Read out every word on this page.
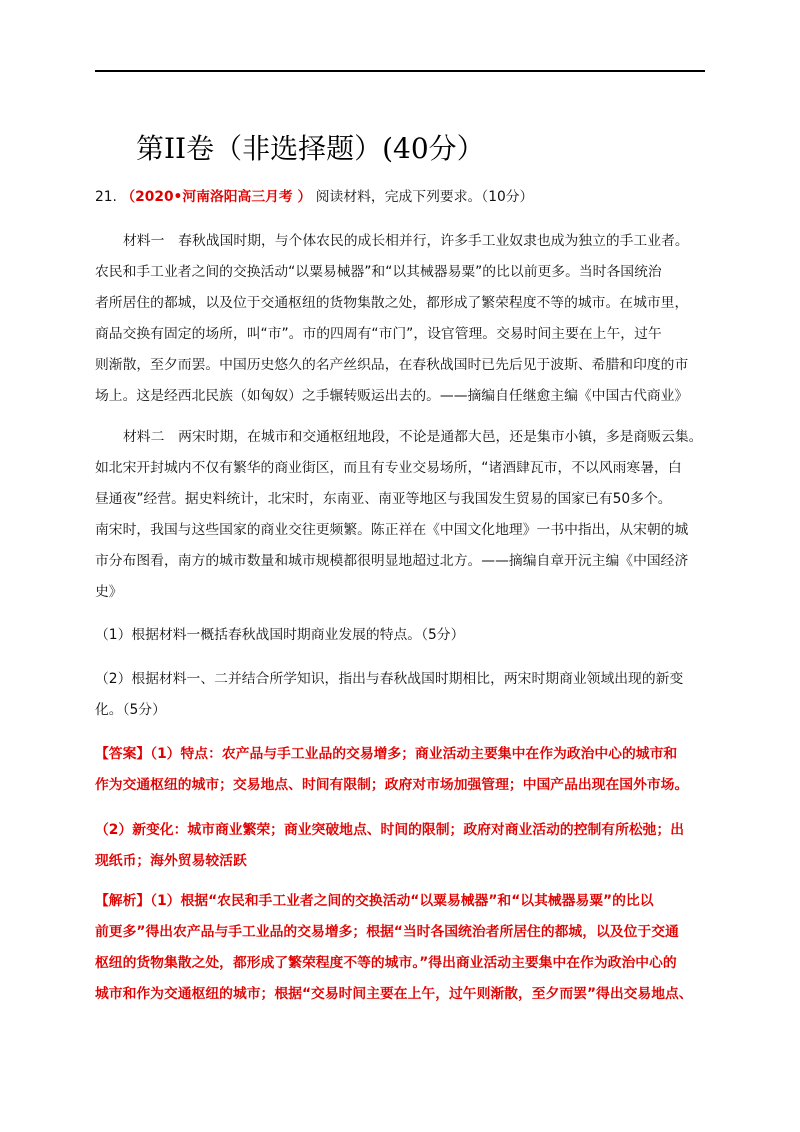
第II卷（非选择题）(40分）
21. （2020•河南洛阳高三月考 ） 阅读材料，完成下列要求。（10分）
材料一　春秋战国时期，与个体农民的成长相并行，许多手工业奴隶也成为独立的手工业者。
农民和手工业者之间的交换活动“以粟易械器”和“以其械器易粟”的比以前更多。当时各国统治
者所居住的都城，以及位于交通枢纽的货物集散之处，都形成了繁荣程度不等的城市。在城市里，
商品交换有固定的场所，叫“市”。市的四周有“市门”，设官管理。交易时间主要在上午，过午
则渐散，至夕而罢。中国历史悠久的名产丝织品，在春秋战国时已先后见于波斯、希腊和印度的市
场上。这是经西北民族（如匈奴）之手辗转贩运出去的。——摘编自任继愈主编《中国古代商业》
材料二　两宋时期，在城市和交通枢纽地段，不论是通都大邑，还是集市小镇，多是商贩云集。
如北宋开封城内不仅有繁华的商业街区，而且有专业交易场所，“诸酒肆瓦市，不以风雨寒暑，白
昼通夜”经营。据史料统计，北宋时，东南亚、南亚等地区与我国发生贸易的国家已有50多个。
南宋时，我国与这些国家的商业交往更频繁。陈正祥在《中国文化地理》一书中指出，从宋朝的城
市分布图看，南方的城市数量和城市规模都很明显地超过北方。——摘编自章开沅主编《中国经济
史》
（1）根据材料一概括春秋战国时期商业发展的特点。（5分）
（2）根据材料一、二并结合所学知识，指出与春秋战国时期相比，两宋时期商业领域出现的新变
化。（5分）
【答案】（1）特点：农产品与手工业品的交易增多；商业活动主要集中在作为政治中心的城市和
作为交通枢纽的城市；交易地点、时间有限制；政府对市场加强管理；中国产品出现在国外市场。
（2）新变化：城市商业繁荣；商业突破地点、时间的限制；政府对商业活动的控制有所松弛；出
现纸币；海外贸易较活跃
【解析】（1）根据“农民和手工业者之间的交换活动“以粟易械器”和“以其械器易粟”的比以
前更多”得出农产品与手工业品的交易增多；根据“当时各国统治者所居住的都城，以及位于交通
枢纽的货物集散之处，都形成了繁荣程度不等的城市。”得出商业活动主要集中在作为政治中心的
城市和作为交通枢纽的城市；根据“交易时间主要在上午，过午则渐散，至夕而罢”得出交易地点、
